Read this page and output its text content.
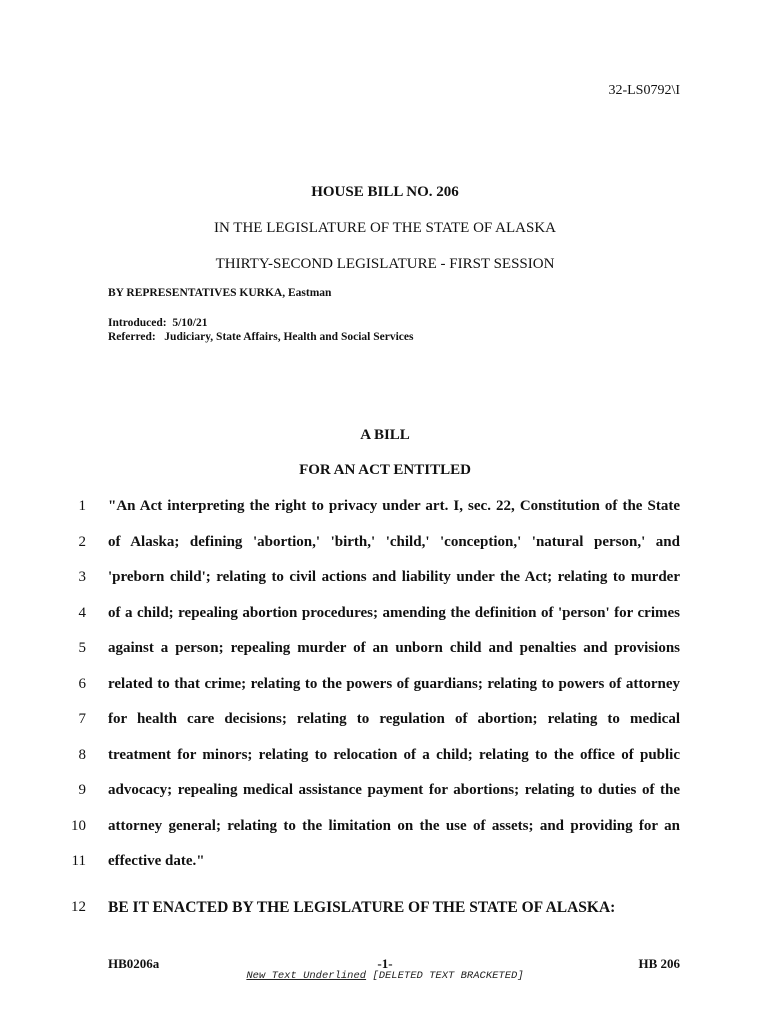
32-LS0792\I
HOUSE BILL NO. 206
IN THE LEGISLATURE OF THE STATE OF ALASKA
THIRTY-SECOND LEGISLATURE - FIRST SESSION
BY REPRESENTATIVES KURKA, Eastman
Introduced:  5/10/21
Referred:   Judiciary, State Affairs, Health and Social Services
A BILL
FOR AN ACT ENTITLED
1 "An Act interpreting the right to privacy under art. I, sec. 22, Constitution of the State
2 of Alaska; defining 'abortion,' 'birth,' 'child,' 'conception,' 'natural person,' and
3 'preborn child'; relating to civil actions and liability under the Act; relating to murder
4 of a child; repealing abortion procedures; amending the definition of 'person' for crimes
5 against a person; repealing murder of an unborn child and penalties and provisions
6 related to that crime; relating to the powers of guardians; relating to powers of attorney
7 for health care decisions; relating to regulation of abortion; relating to medical
8 treatment for minors; relating to relocation of a child; relating to the office of public
9 advocacy; repealing medical assistance payment for abortions; relating to duties of the
10 attorney general; relating to the limitation on the use of assets; and providing for an
11 effective date."
12 BE IT ENACTED BY THE LEGISLATURE OF THE STATE OF ALASKA:
HB0206a	-1-	HB 206
New Text Underlined [DELETED TEXT BRACKETED]
